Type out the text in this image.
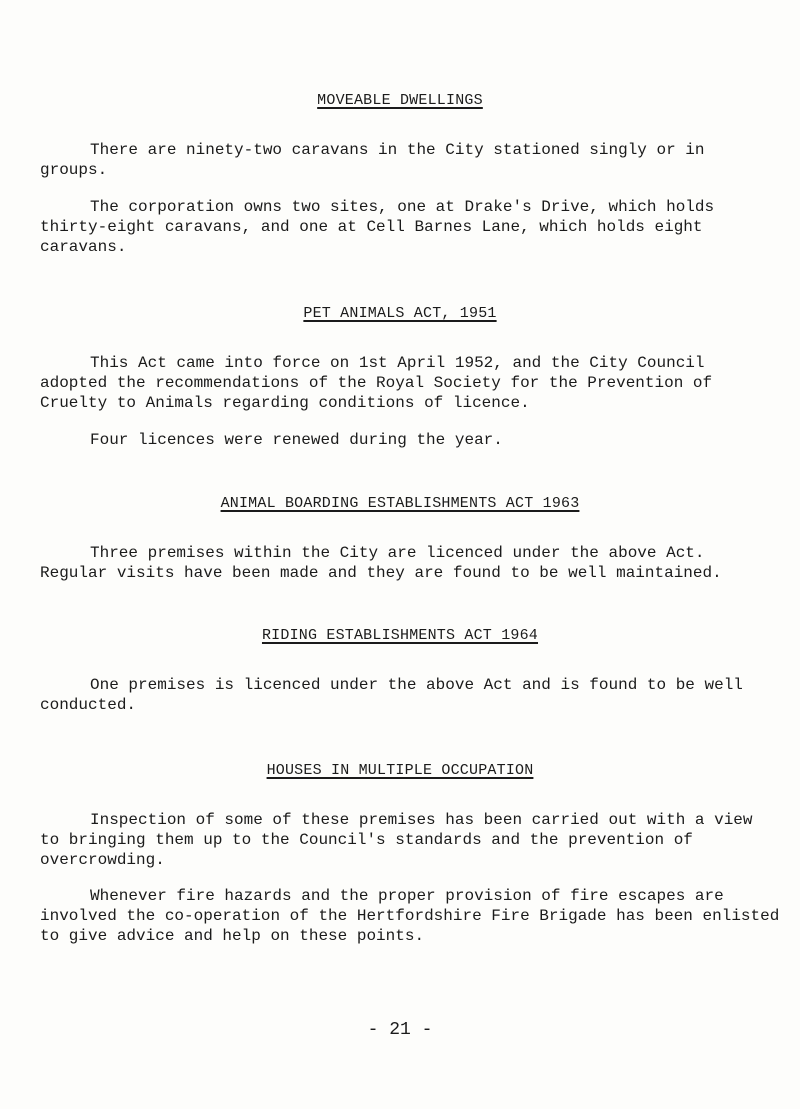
MOVEABLE DWELLINGS

There are ninety-two caravans in the City stationed singly or in groups.

The corporation owns two sites, one at Drake's Drive, which holds thirty-eight caravans, and one at Cell Barnes Lane, which holds eight caravans.

PET ANIMALS ACT, 1951

This Act came into force on 1st April 1952, and the City Council adopted the recommendations of the Royal Society for the Prevention of Cruelty to Animals regarding conditions of licence.

Four licences were renewed during the year.

ANIMAL BOARDING ESTABLISHMENTS ACT 1963

Three premises within the City are licenced under the above Act. Regular visits have been made and they are found to be well maintained.

RIDING ESTABLISHMENTS ACT 1964

One premises is licenced under the above Act and is found to be well conducted.

HOUSES IN MULTIPLE OCCUPATION

Inspection of some of these premises has been carried out with a view to bringing them up to the Council's standards and the prevention of overcrowding.

Whenever fire hazards and the proper provision of fire escapes are involved the co-operation of the Hertfordshire Fire Brigade has been enlisted to give advice and help on these points.

- 21 -
